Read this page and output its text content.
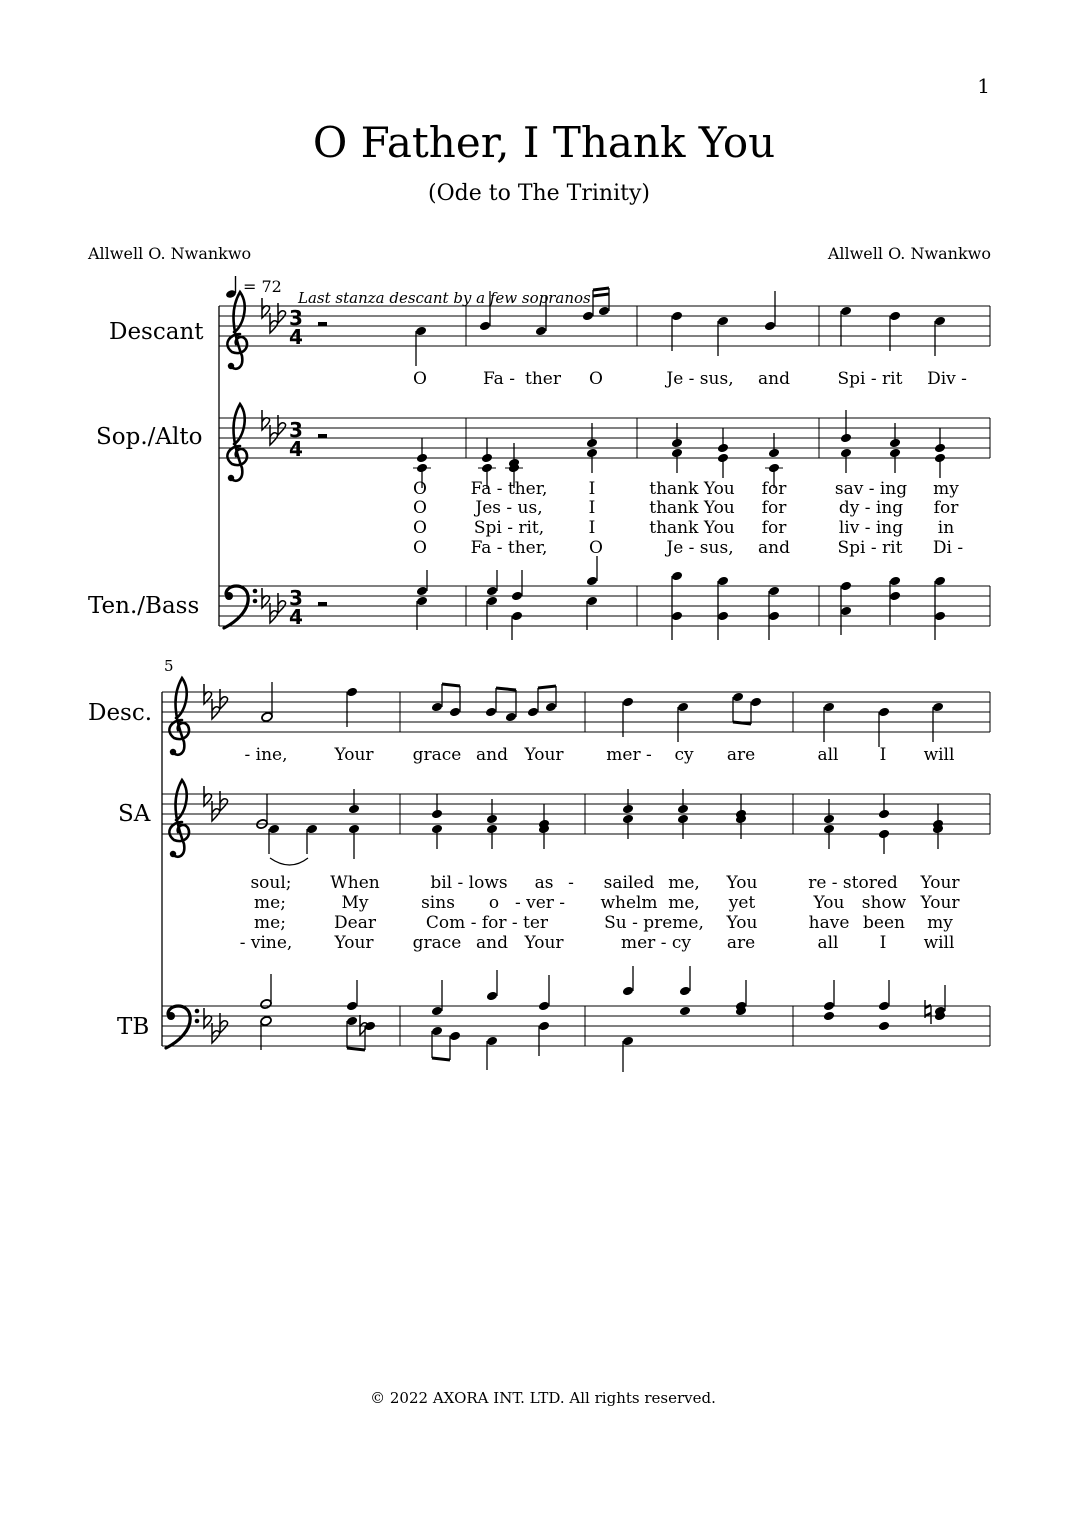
1
O Father, I Thank You
(Ode to The Trinity)
Allwell O. Nwankwo	Allwell O. Nwankwo
= 72
Last stanza descant by a few sopranos
© 2022 AXORA INT. LTD. All rights reserved.
Descant
Sop./Alto
Ten./Bass
3
4
O	Fa - ther O	Je - sus, and	Spi - rit Div -
3
4
O	Fa - ther, I	thank You for	sav - ing my
O	Jes - us,	I	thank You for	dy - ing for
O	Spi - rit,	I	thank You for	liv - ing in
O	Fa - ther, O	Je - sus, and	Spi - rit Di -
3
4
5
Desc.
SA
TB
- ine,	Your grace and Your	mer - cy are	all I will
soul; When	bil - lows as - sailed me, You	re - stored Your
me;	My	sins o - ver - whelm me, yet	You show Your
me;	Dear	Com - for - ter	Su - preme, You	have been my
- vine, Your grace and Your	mer - cy are	all I will
